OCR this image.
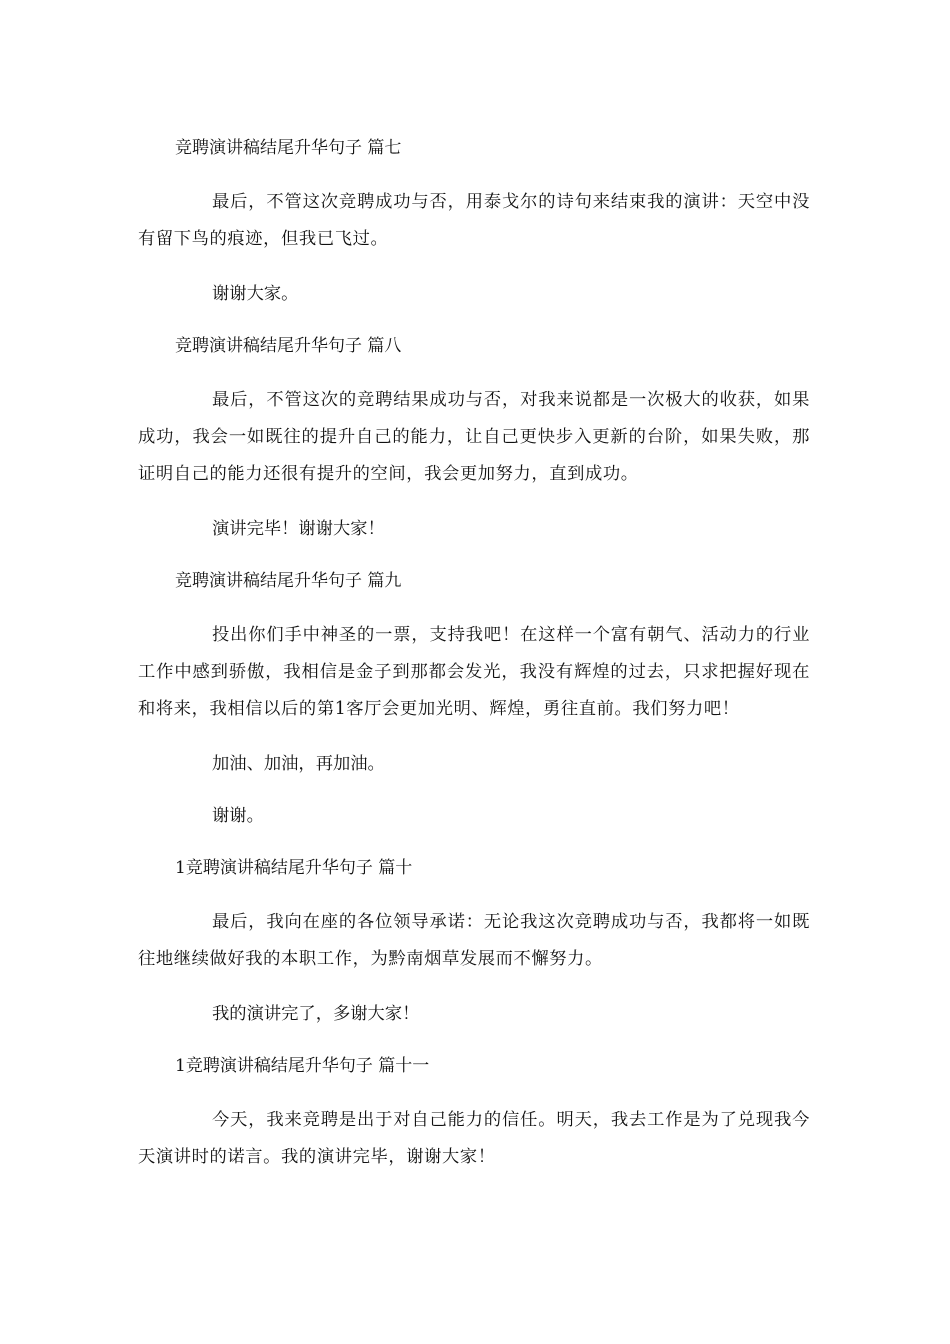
竞聘演讲稿结尾升华句子 篇七

最后，不管这次竞聘成功与否，用泰戈尔的诗句来结束我的演讲：天空中没有留下鸟的痕迹，但我已飞过。

谢谢大家。

竞聘演讲稿结尾升华句子 篇八

最后，不管这次的竞聘结果成功与否，对我来说都是一次极大的收获，如果成功，我会一如既往的提升自己的能力，让自己更快步入更新的台阶，如果失败，那证明自己的能力还很有提升的空间，我会更加努力，直到成功。

演讲完毕！谢谢大家！

竞聘演讲稿结尾升华句子 篇九

投出你们手中神圣的一票，支持我吧！在这样一个富有朝气、活动力的行业工作中感到骄傲，我相信是金子到那都会发光，我没有辉煌的过去，只求把握好现在和将来，我相信以后的第1客厅会更加光明、辉煌，勇往直前。我们努力吧！

加油、加油，再加油。

谢谢。

1竞聘演讲稿结尾升华句子 篇十

最后，我向在座的各位领导承诺：无论我这次竞聘成功与否，我都将一如既往地继续做好我的本职工作，为黔南烟草发展而不懈努力。

我的演讲完了，多谢大家！

1竞聘演讲稿结尾升华句子 篇十一

今天，我来竞聘是出于对自己能力的信任。明天，我去工作是为了兑现我今天演讲时的诺言。我的演讲完毕，谢谢大家！
